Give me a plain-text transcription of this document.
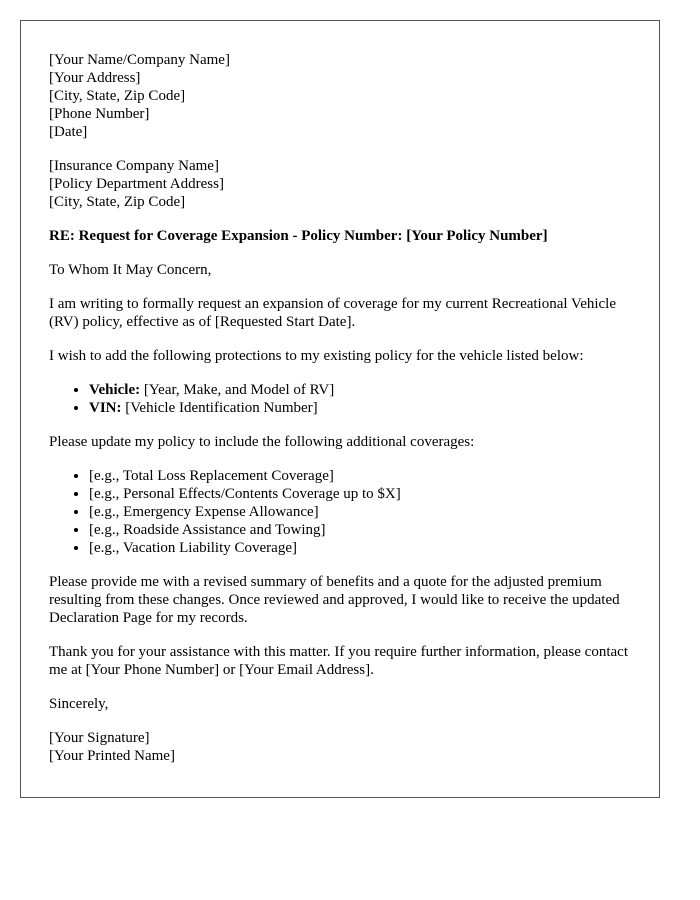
[Your Name/Company Name]
[Your Address]
[City, State, Zip Code]
[Phone Number]
[Date]
[Insurance Company Name]
[Policy Department Address]
[City, State, Zip Code]

RE: Request for Coverage Expansion - Policy Number: [Your Policy Number]

To Whom It May Concern,

I am writing to formally request an expansion of coverage for my current Recreational Vehicle (RV) policy, effective as of [Requested Start Date].

I wish to add the following protections to my existing policy for the vehicle listed below:

• Vehicle: [Year, Make, and Model of RV]
• VIN: [Vehicle Identification Number]

Please update my policy to include the following additional coverages:

• [e.g., Total Loss Replacement Coverage]
• [e.g., Personal Effects/Contents Coverage up to $X]
• [e.g., Emergency Expense Allowance]
• [e.g., Roadside Assistance and Towing]
• [e.g., Vacation Liability Coverage]

Please provide me with a revised summary of benefits and a quote for the adjusted premium resulting from these changes. Once reviewed and approved, I would like to receive the updated Declaration Page for my records.

Thank you for your assistance with this matter. If you require further information, please contact me at [Your Phone Number] or [Your Email Address].

Sincerely,

[Your Signature]
[Your Printed Name]
